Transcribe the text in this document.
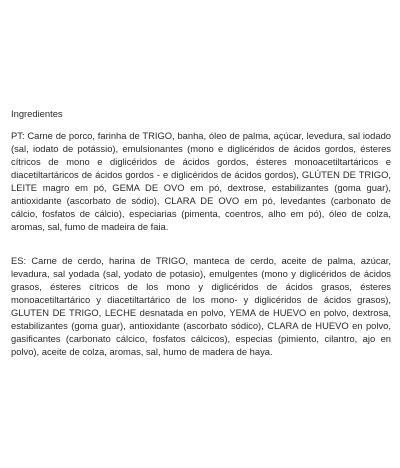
Ingredientes

PT: Carne de porco, farinha de TRIGO, banha, óleo de palma, açúcar, levedura, sal iodado (sal, iodato de potássio), emulsionantes (mono e diglicéridos de ácidos gordos, ésteres cítricos de mono e diglicéridos de ácidos gordos, ésteres monoacetiltartáricos e diacetiltartáricos de ácidos gordos - e diglicéridos de ácidos gordos), GLÚTEN DE TRIGO, LEITE magro em pó, GEMA DE OVO em pó, dextrose, estabilizantes (goma guar), antioxidante (ascorbato de sódio), CLARA DE OVO em pó, levedantes (carbonato de cálcio, fosfatos de cálcio), especiarias (pimenta, coentros, alho em pó), óleo de colza, aromas, sal, fumo de madeira de faia.

ES: Carne de cerdo, harina de TRIGO, manteca de cerdo, aceite de palma, azúcar, levadura, sal yodada (sal, yodato de potasio), emulgentes (mono y diglicéridos de ácidos grasos, ésteres cítricos de los mono y diglicéridos de ácidos grasos, ésteres monoacetiltartárico y diacetiltartárico de los mono- y diglicéridos de ácidos grasos), GLUTEN DE TRIGO, LECHE desnatada en polvo, YEMA de HUEVO en polvo, dextrosa, estabilizantes (goma guar), antioxidante (ascorbato sódico), CLARA de HUEVO en polvo, gasificantes (carbonato cálcico, fosfatos cálcicos), especias (pimiento, cilantro, ajo en polvo), aceite de colza, aromas, sal, humo de madera de haya.
